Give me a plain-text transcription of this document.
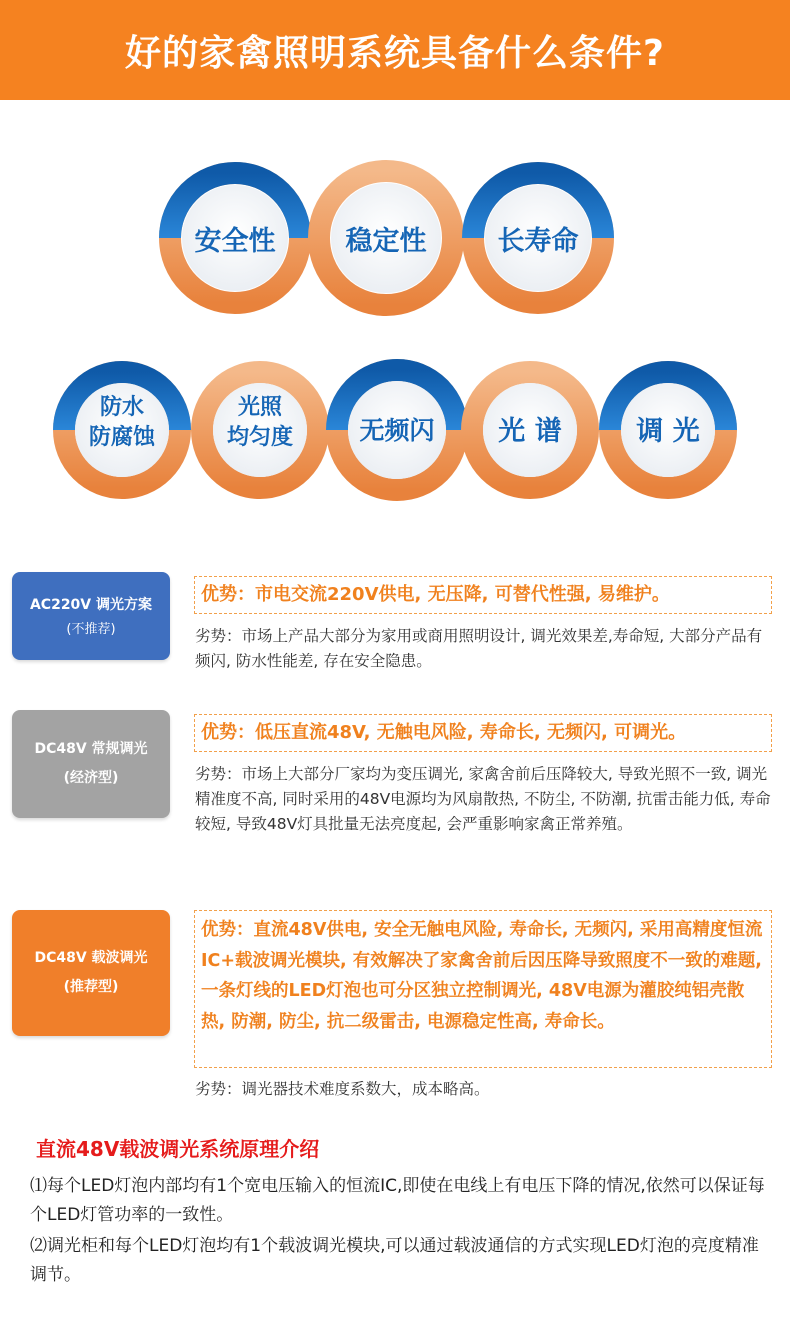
好的家禽照明系统具备什么条件?
安全性	稳定性	长寿命
防水
防腐蚀
光照
均匀度	无频闪	光 谱	调 光
AC220V 调光方案
(不推荐)
优势：市电交流220V供电, 无压降, 可替代性强, 易维护。
劣势：市场上产品大部分为家用或商用照明设计, 调光效果差,寿命短, 大部分产品有频闪, 防水性能差, 存在安全隐患。
DC48V 常规调光
(经济型)
优势：低压直流48V, 无触电风险, 寿命长, 无频闪, 可调光。
劣势：市场上大部分厂家均为变压调光, 家禽舍前后压降较大, 导致光照不一致, 调光精准度不高, 同时采用的48V电源均为风扇散热, 不防尘, 不防潮, 抗雷击能力低, 寿命较短, 导致48V灯具批量无法亮度起, 会严重影响家禽正常养殖。
DC48V 载波调光
(推荐型)
优势：直流48V供电, 安全无触电风险, 寿命长, 无频闪, 采用高精度恒流IC+载波调光模块, 有效解决了家禽舍前后因压降导致照度不一致的难题, 一条灯线的LED灯泡也可分区独立控制调光, 48V电源为灌胶纯铝壳散热, 防潮, 防尘, 抗二级雷击, 电源稳定性高, 寿命长。
劣势：调光器技术难度系数大，成本略高。
直流48V载波调光系统原理介绍
⑴每个LED灯泡内部均有1个宽电压输入的恒流IC,即使在电线上有电压下降的情况,依然可以保证每个LED灯管功率的一致性。
⑵调光柜和每个LED灯泡均有1个载波调光模块,可以通过载波通信的方式实现LED灯泡的亮度精准调节。
